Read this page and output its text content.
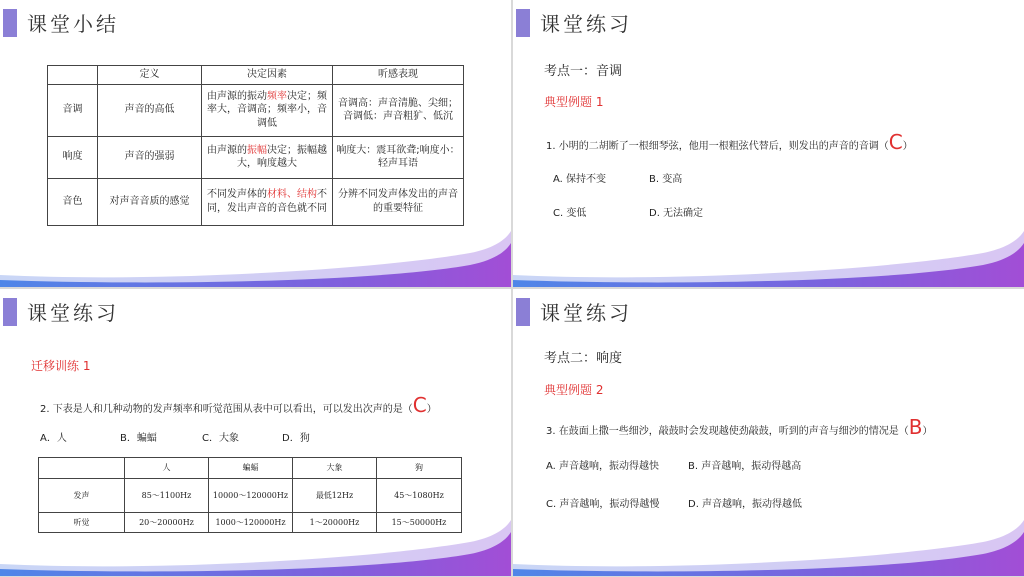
课堂小结
	定义	决定因素	听感表现
音调	声音的高低	由声源的振动频率决定；频率大，音调高；频率小，音调低	音调高：声音清脆、尖细；音调低：声音粗犷、低沉
响度	声音的强弱	由声源的振幅决定；振幅越大，响度越大	响度大：震耳欲聋;响度小：轻声耳语
音色	对声音音质的感觉	不同发声体的材料、结构不同，发出声音的音色就不同	分辨不同发声体发出的声音的重要特征
课堂练习
考点一：音调
典型例题 1
1. 小明的二胡断了一根细琴弦，他用一根粗弦代替后，则发出的声音的音调（C）
A. 保持不变	B. 变高
C. 变低	D. 无法确定
课堂练习
迁移训练 1
2. 下表是人和几种动物的发声频率和听觉范围从表中可以看出，可以发出次声的是（C）
A．人	B．蝙蝠	C．大象	D．狗
	人	蝙蝠	大象	狗
发声	85～1100Hz	10000～120000Hz	最低12Hz	45～1080Hz
听觉	20～20000Hz	1000～120000Hz	1～20000Hz	15～50000Hz
课堂练习
考点二：响度
典型例题 2
3. 在鼓面上撒一些细沙，敲鼓时会发现越使劲敲鼓，听到的声音与细沙的情况是（B）
A. 声音越响，振动得越快	B. 声音越响，振动得越高
C. 声音越响，振动得越慢	D. 声音越响，振动得越低
